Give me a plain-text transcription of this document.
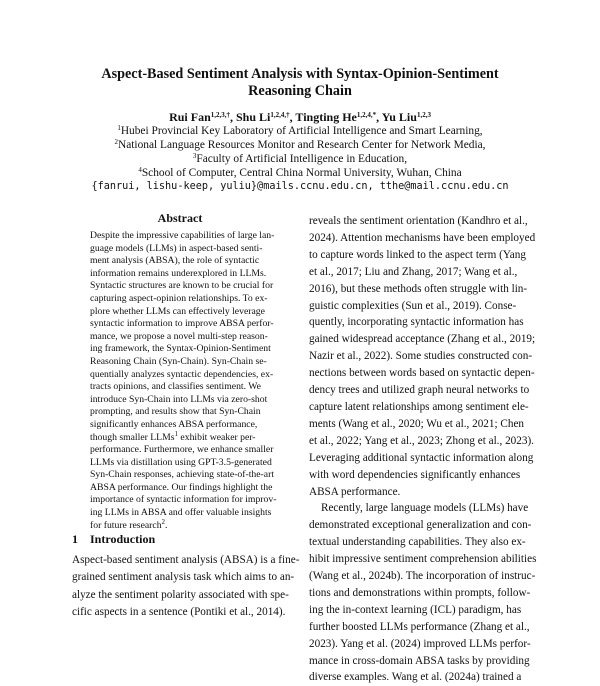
Aspect-Based Sentiment Analysis with Syntax-Opinion-Sentiment
Reasoning Chain
Rui Fan$^{1,2,3,\dagger}$, Shu $Li^{1,2,4,\dagger}$, Tingting $He^{1,2,4,*}$, Yu Liu$^{1,2,3}$
$^1$Hubei Provincial Key Laboratory of Artificial Intelligence and Smart Learning,
$^2$National Language Resources Monitor and Research Center for Network Media,
$^3$Faculty of Artificial Intelligence in Education,
$^4$School of Computer, Central China Normal University, Wuhan, China
{fanrui, lishu-keep, yuliu}@mails.ccnu.edu.cn, tthe@mail.ccnu.edu.cn
Abstract
Despite the impressive capabilities of large lan-
guage models (LLMs) in aspect-based senti-
ment analysis (ABSA), the role of syntactic
information remains underexplored in LLMs.
Syntactic structures are known to be crucial for
capturing aspect-opinion relationships. To ex-
plore whether LLMs can effectively leverage
syntactic information to improve ABSA perfor-
mance, we propose a novel multi-step reason-
ing framework, the Syntax-Opinion-Sentiment
Reasoning Chain (Syn-Chain). Syn-Chain se-
quentially analyzes syntactic dependencies, ex-
tracts opinions, and classifies sentiment. We
introduce Syn-Chain into LLMs via zero-shot
prompting, and results show that Syn-Chain
significantly enhances ABSA performance,
though smaller LLMs$^1$ exhibit weaker per-
performance. Furthermore, we enhance smaller
LLMs via distillation using GPT-3.5-generated
Syn-Chain responses, achieving state-of-the-art
ABSA performance. Our findings highlight the
importance of syntactic information for improv-
ing LLMs in ABSA and offer valuable insights
for future research$^2$.
1 Introduction
Aspect-based sentiment analysis (ABSA) is a fine-
grained sentiment analysis task which aims to an-
alyze the sentiment polarity associated with spe-
cific aspects in a sentence (Pontiki et al., 2014).
reveals the sentiment orientation (Kandhro et al.,
2024). Attention mechanisms have been employed
to capture words linked to the aspect term (Yang
et al., 2017; Liu and Zhang, 2017; Wang et al.,
2016), but these methods often struggle with lin-
guistic complexities (Sun et al., 2019). Conse-
quently, incorporating syntactic information has
gained widespread acceptance (Zhang et al., 2019;
Nazir et al., 2022). Some studies constructed con-
nections between words based on syntactic depen-
dency trees and utilized graph neural networks to
capture latent relationships among sentiment ele-
ments (Wang et al., 2020; Wu et al., 2021; Chen
et al., 2022; Yang et al., 2023; Zhong et al., 2023).
Leveraging additional syntactic information along
with word dependencies significantly enhances
ABSA performance.
Recently, large language models (LLMs) have
demonstrated exceptional generalization and con-
textual understanding capabilities. They also ex-
hibit impressive sentiment comprehension abilities
(Wang et al., 2024b). The incorporation of instruc-
tions and demonstrations within prompts, follow-
ing the in-context learning (ICL) paradigm, has
further boosted LLMs performance (Zhang et al.,
2023). Yang et al. (2024) improved LLMs perfor-
mance in cross-domain ABSA tasks by providing
diverse examples. Wang et al. (2024a) trained a
